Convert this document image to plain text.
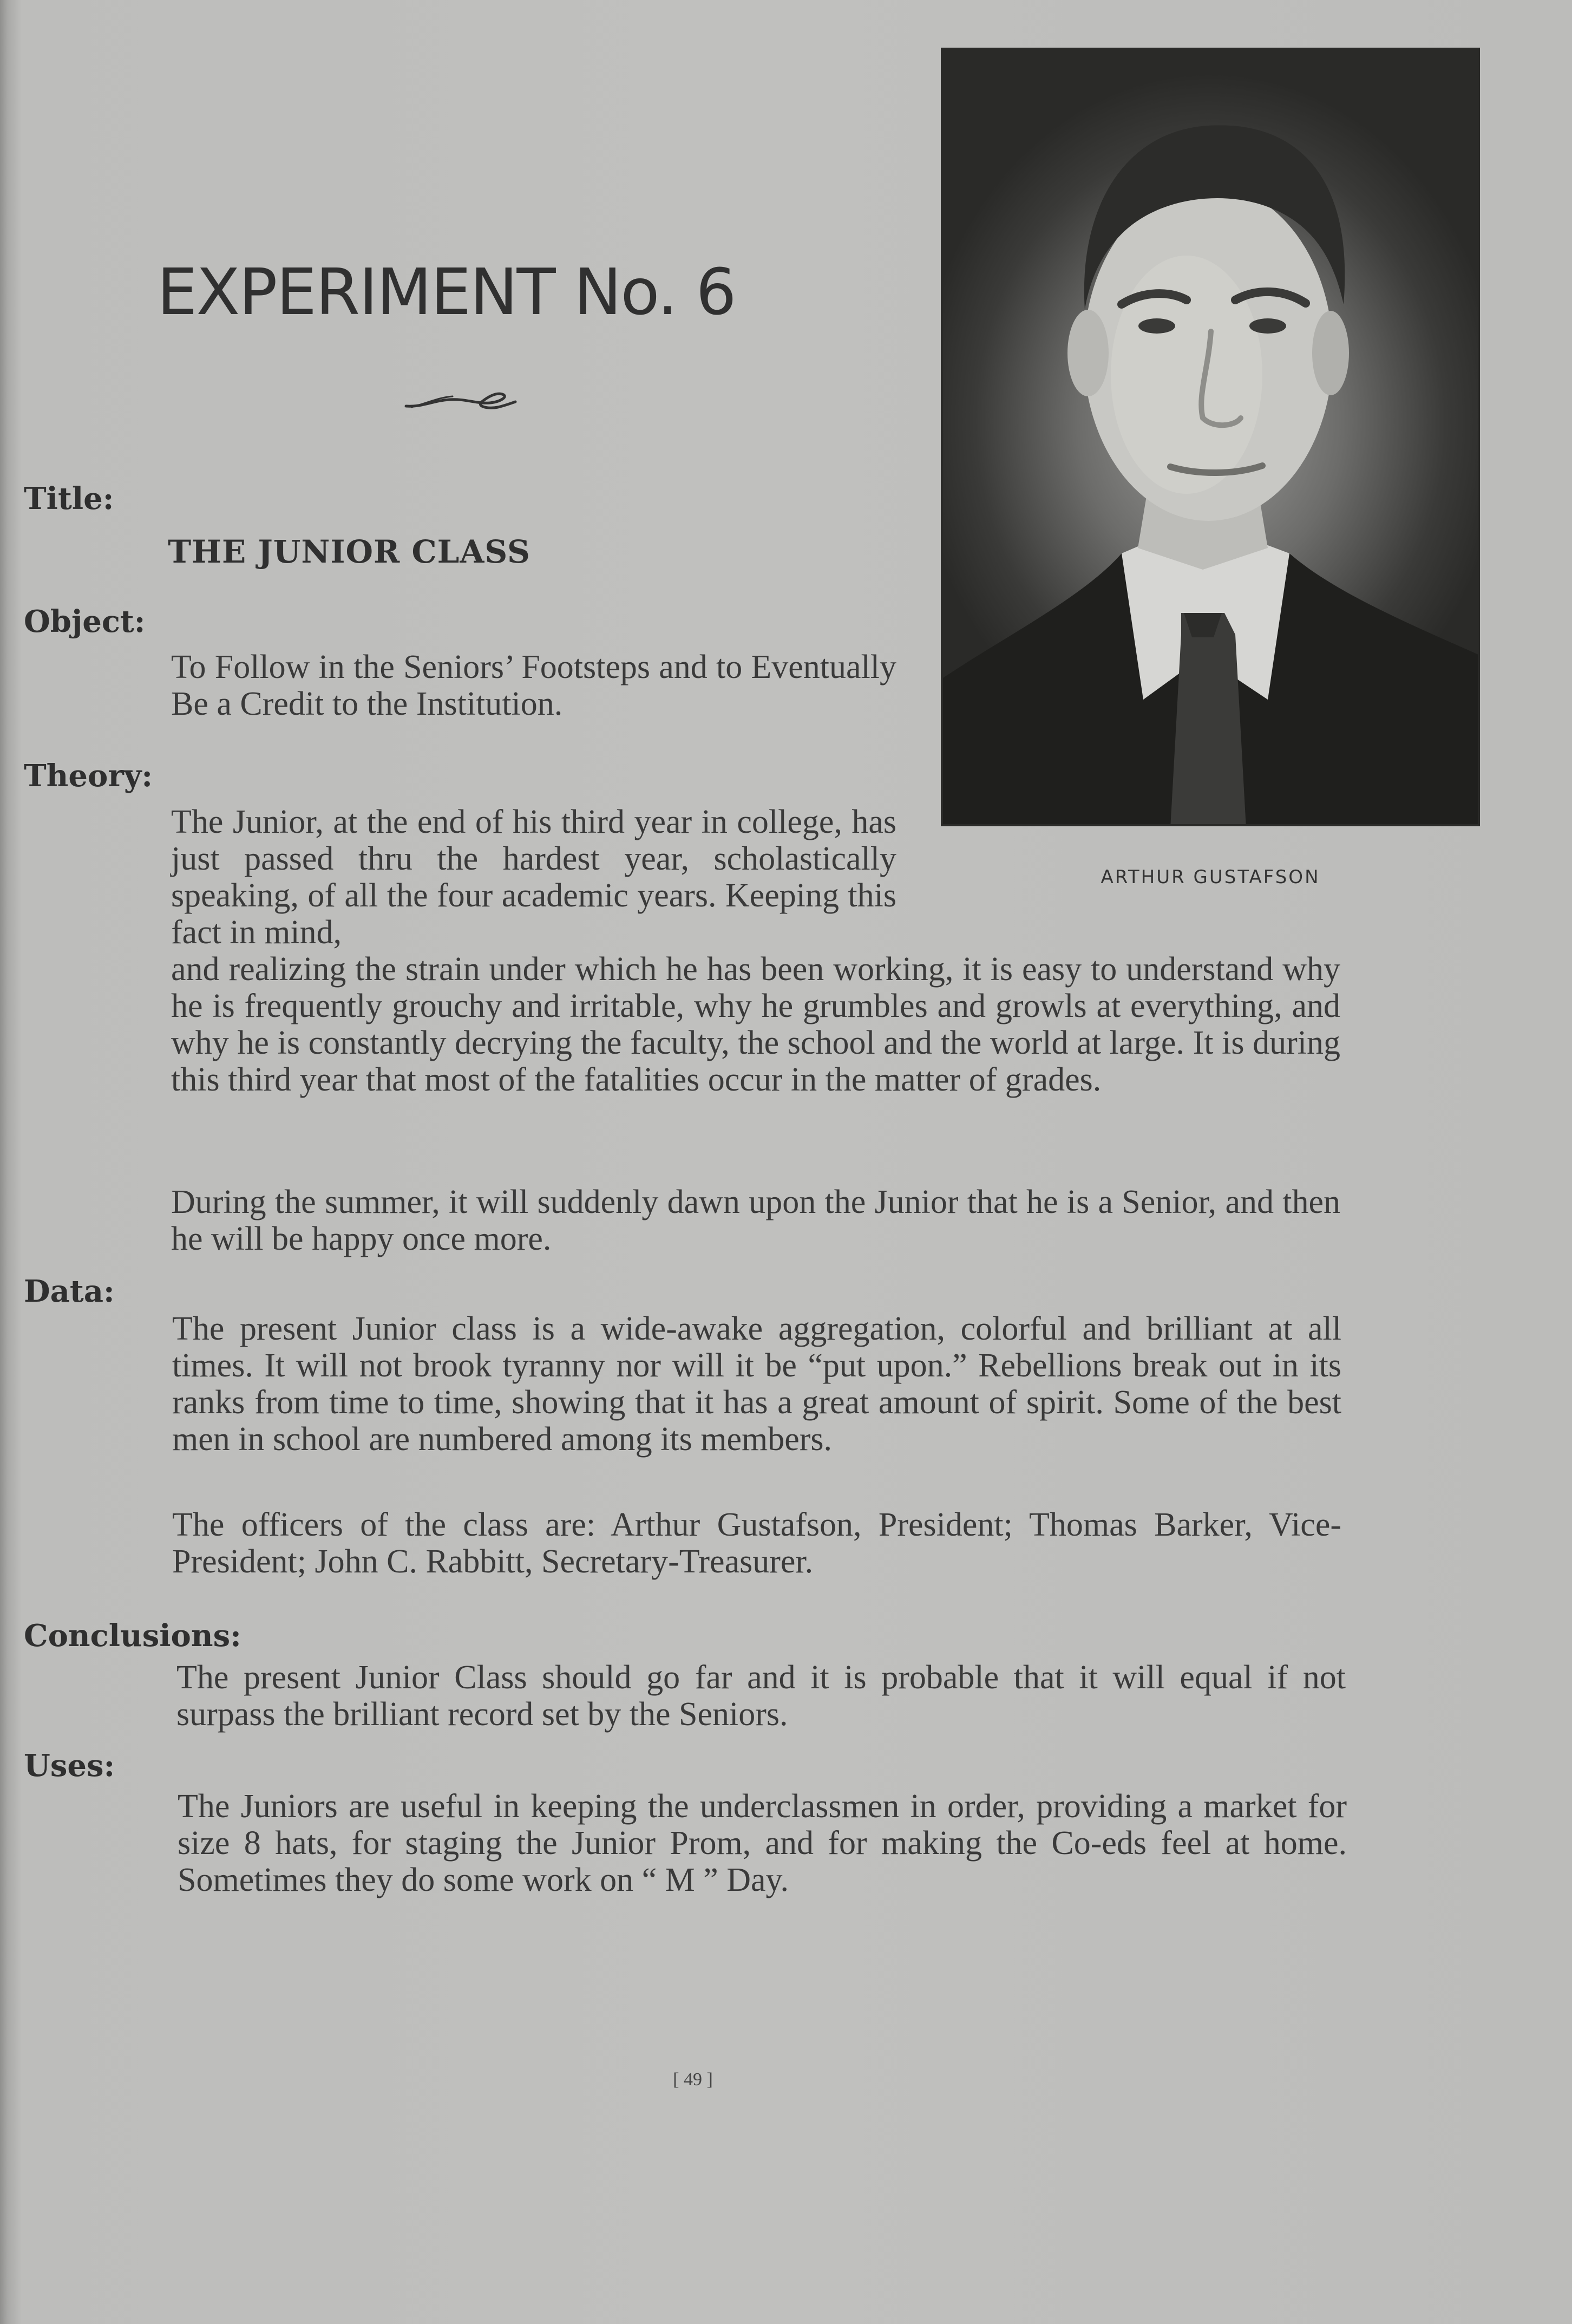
EXPERIMENT No. 6

Title:

THE JUNIOR CLASS

Object:

To Follow in the Seniors’ Footsteps and to Eventually Be a Credit to the Institution.

Theory:

The Junior, at the end of his third year in college, has just passed thru the hardest year, scholastically speaking, of all the four academic years. Keeping this fact in mind,

and realizing the strain under which he has been working, it is easy to understand why he is frequently grouchy and irritable, why he grumbles and growls at everything, and why he is constantly decrying the faculty, the school and the world at large. It is during this third year that most of the fatalities occur in the matter of grades.

During the summer, it will suddenly dawn upon the Junior that he is a Senior, and then he will be happy once more.

Data:

The present Junior class is a wide-awake aggregation, colorful and brilliant at all times. It will not brook tyranny nor will it be “put upon.” Rebellions break out in its ranks from time to time, showing that it has a great amount of spirit. Some of the best men in school are numbered among its members.

The officers of the class are: Arthur Gustafson, President; Thomas Barker, Vice-President; John C. Rabbitt, Secretary-Treasurer.

Conclusions:

The present Junior Class should go far and it is probable that it will equal if not surpass the brilliant record set by the Seniors.

Uses:

The Juniors are useful in keeping the underclassmen in order, providing a market for size 8 hats, for staging the Junior Prom, and for making the Co-eds feel at home. Sometimes they do some work on “ M ” Day.

ARTHUR GUSTAFSON

[ 49 ]
